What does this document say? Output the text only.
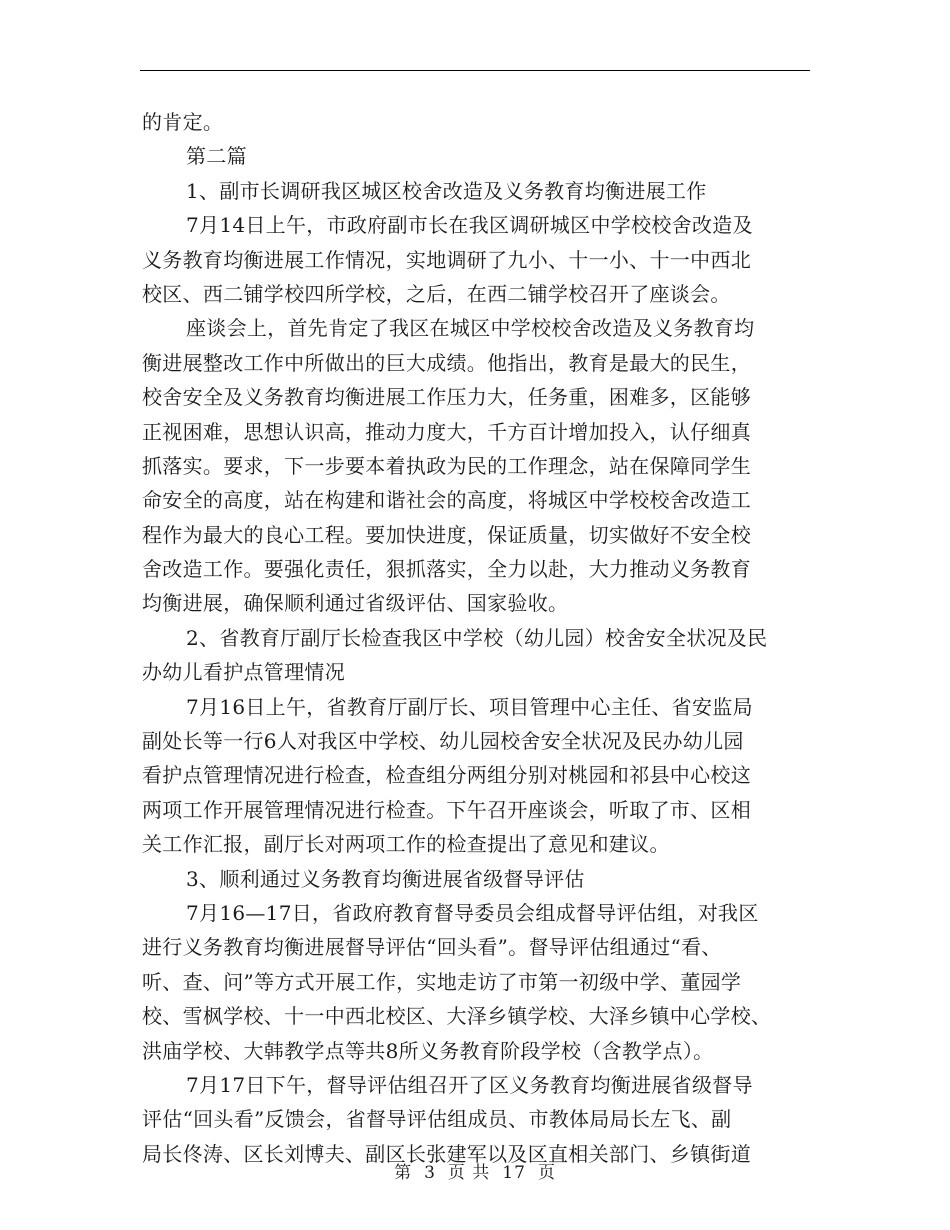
的肯定。
第二篇
1、副市长调研我区城区校舍改造及义务教育均衡进展工作
7月14日上午，市政府副市长在我区调研城区中学校校舍改造及
义务教育均衡进展工作情况，实地调研了九小、十一小、十一中西北
校区、西二铺学校四所学校，之后，在西二铺学校召开了座谈会。
座谈会上，首先肯定了我区在城区中学校校舍改造及义务教育均
衡进展整改工作中所做出的巨大成绩。他指出，教育是最大的民生，
校舍安全及义务教育均衡进展工作压力大，任务重，困难多，区能够
正视困难，思想认识高，推动力度大，千方百计增加投入，认仔细真
抓落实。要求，下一步要本着执政为民的工作理念，站在保障同学生
命安全的高度，站在构建和谐社会的高度，将城区中学校校舍改造工
程作为最大的良心工程。要加快进度，保证质量，切实做好不安全校
舍改造工作。要强化责任，狠抓落实，全力以赴，大力推动义务教育
均衡进展，确保顺利通过省级评估、国家验收。
2、省教育厅副厅长检查我区中学校（幼儿园）校舍安全状况及民
办幼儿看护点管理情况
7月16日上午，省教育厅副厅长、项目管理中心主任、省安监局
副处长等一行6人对我区中学校、幼儿园校舍安全状况及民办幼儿园
看护点管理情况进行检查，检查组分两组分别对桃园和祁县中心校这
两项工作开展管理情况进行检查。下午召开座谈会，听取了市、区相
关工作汇报，副厅长对两项工作的检查提出了意见和建议。
3、顺利通过义务教育均衡进展省级督导评估
7月16—17日，省政府教育督导委员会组成督导评估组，对我区
进行义务教育均衡进展督导评估“回头看”。督导评估组通过“看、
听、查、问”等方式开展工作，实地走访了市第一初级中学、董园学
校、雪枫学校、十一中西北校区、大泽乡镇学校、大泽乡镇中心学校、
洪庙学校、大韩教学点等共8所义务教育阶段学校（含教学点）。
7月17日下午，督导评估组召开了区义务教育均衡进展省级督导
评估“回头看”反馈会，省督导评估组成员、市教体局局长左飞、副
局长佟涛、区长刘博夫、副区长张建军以及区直相关部门、乡镇街道
第 3 页 共 17 页
